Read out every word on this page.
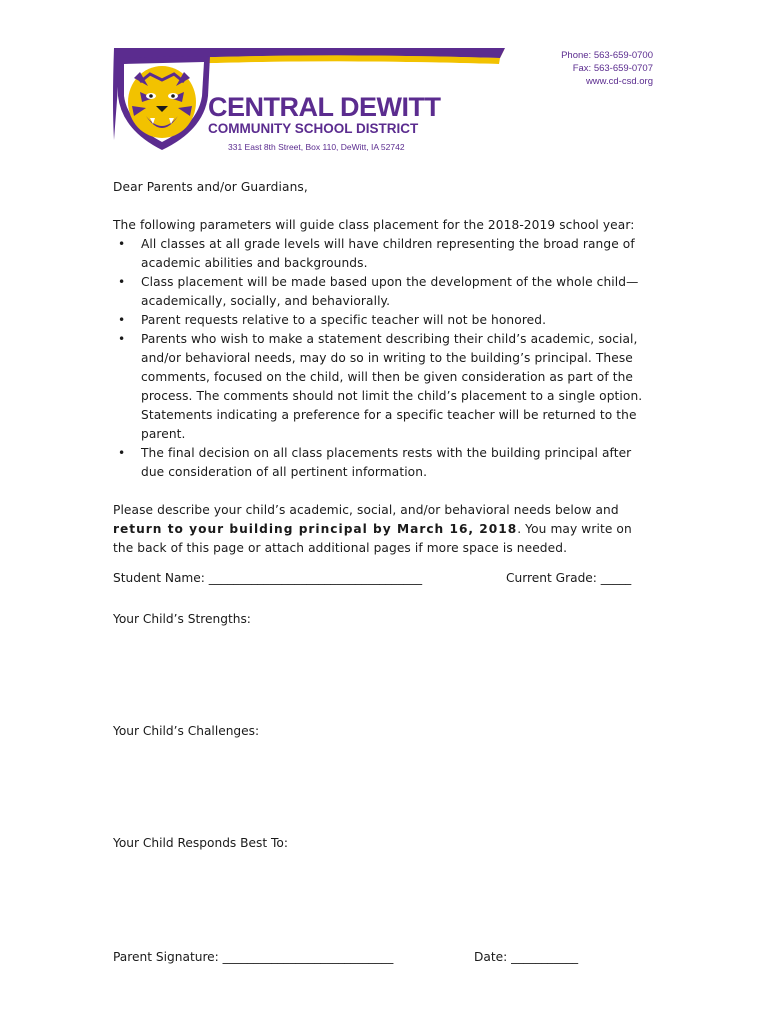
Phone: 563-659-0700
Fax: 563-659-0707
www.cd-csd.org
CENTRAL DEWITT
COMMUNITY SCHOOL DISTRICT
331 East 8th Street, Box 110, DeWitt, IA 52742

Dear Parents and/or Guardians,

The following parameters will guide class placement for the 2018-2019 school year:

• All classes at all grade levels will have children representing the broad range of academic abilities and backgrounds.
• Class placement will be made based upon the development of the whole child—academically, socially, and behaviorally.
• Parent requests relative to a specific teacher will not be honored.
• Parents who wish to make a statement describing their child’s academic, social, and/or behavioral needs, may do so in writing to the building’s principal. These comments, focused on the child, will then be given consideration as part of the process. The comments should not limit the child’s placement to a single option. Statements indicating a preference for a specific teacher will be returned to the parent.
• The final decision on all class placements rests with the building principal after due consideration of all pertinent information.

Please describe your child’s academic, social, and/or behavioral needs below and return to your building principal by March 16, 2018. You may write on the back of this page or attach additional pages if more space is needed.

Student Name: ___________________________________	Current Grade: _____
Your Child’s Strengths:
Your Child’s Challenges:
Your Child Responds Best To:
Parent Signature: ____________________________	Date: ___________
